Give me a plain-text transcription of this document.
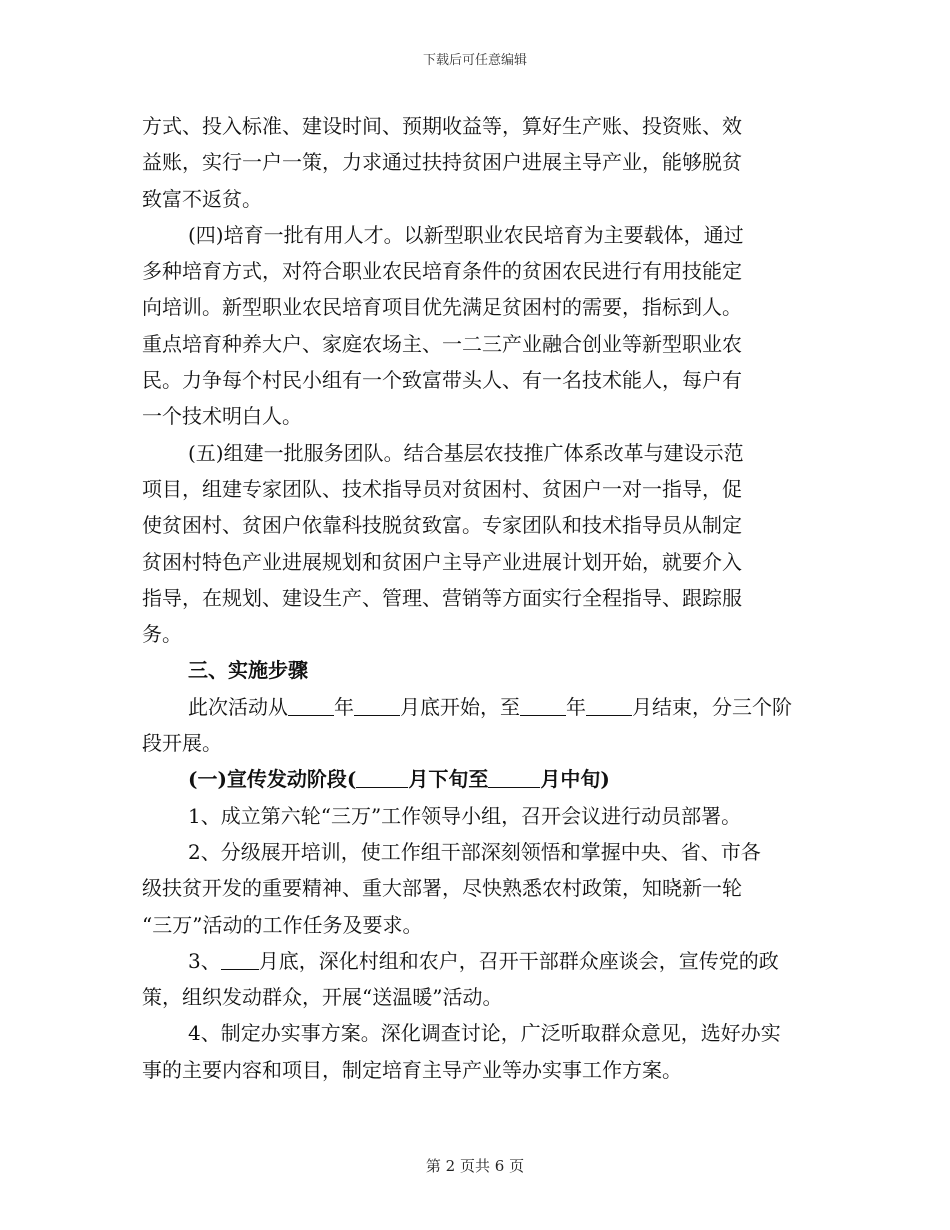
下载后可任意编辑
方式、投入标准、建设时间、预期收益等，算好生产账、投资账、效
益账，实行一户一策，力求通过扶持贫困户进展主导产业，能够脱贫
致富不返贫。
(四)培育一批有用人才。以新型职业农民培育为主要载体，通过
多种培育方式，对符合职业农民培育条件的贫困农民进行有用技能定
向培训。新型职业农民培育项目优先满足贫困村的需要，指标到人。
重点培育种养大户、家庭农场主、一二三产业融合创业等新型职业农
民。力争每个村民小组有一个致富带头人、有一名技术能人，每户有
一个技术明白人。
(五)组建一批服务团队。结合基层农技推广体系改革与建设示范
项目，组建专家团队、技术指导员对贫困村、贫困户一对一指导，促
使贫困村、贫困户依靠科技脱贫致富。专家团队和技术指导员从制定
贫困村特色产业进展规划和贫困户主导产业进展计划开始，就要介入
指导，在规划、建设生产、管理、营销等方面实行全程指导、跟踪服
务。
三、实施步骤
此次活动从 年 月底开始，至 年 月结束，分三个阶
段开展。
(一)宣传发动阶段(	月下旬至	月中旬)
1、成立第六轮“三万”工作领导小组，召开会议进行动员部署。
2、分级展开培训，使工作组干部深刻领悟和掌握中央、省、市各
级扶贫开发的重要精神、重大部署，尽快熟悉农村政策，知晓新一轮
“三万”活动的工作任务及要求。
3、 月底，深化村组和农户，召开干部群众座谈会，宣传党的政
策，组织发动群众，开展“送温暖”活动。
4、制定办实事方案。深化调查讨论，广泛听取群众意见，选好办实
事的主要内容和项目，制定培育主导产业等办实事工作方案。
第 2 页共 6 页
